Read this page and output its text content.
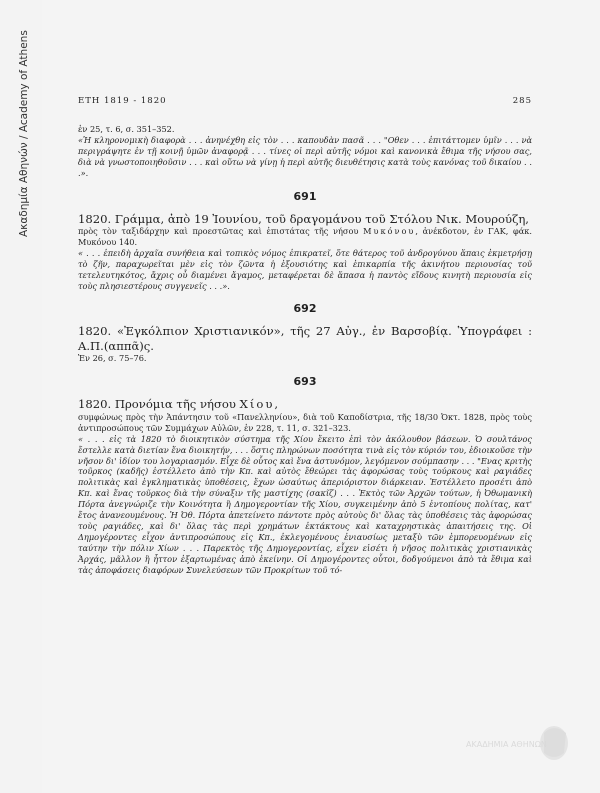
Ακαδημία Αθηνών / Academy of Athens	ΕΤΗ 1819 - 1820	285

ἐν 25, τ. 6, σ. 351–352.

«Ἡ κληρονομικὴ διαφορὰ . . . ἀνηνέχθη εἰς τὸν . . . καπουδὰν πασᾶ . . . "Οθεν . . . ἐπιτάττομεν ὑμῖν . . . νὰ περιγράψητε ἐν τῇ κοινῇ ὑμῶν ἀναφορᾷ . . . τίνες οἱ περὶ αὐτῆς νόμοι καὶ κανονικὰ ἔθιμα τῆς νήσου σας, διὰ νὰ γνωστοποιηθοῦσιν . . . καὶ οὕτω νὰ γίνῃ ἡ περὶ αὐτῆς διευθέτησις κατὰ τοὺς κανόνας τοῦ δικαίου . . .».

691

1820. Γράμμα, ἀπὸ 19 Ἰουνίου, τοῦ δραγομάνου τοῦ Στόλου Νικ. Μουρούζη,

πρὸς τὸν ταξιδάρχην καὶ προεστῶτας καὶ ἐπιστάτας τῆς νήσου Μυκόνου, ἀνέκδοτον, ἐν ΓΑΚ, φάκ. Μυκόνου 140.

« . . . ἐπειδὴ ἀρχαῖα συνήθεια καὶ τοπικὸς νόμος ἐπικρατεῖ, ὅτε θάτερος τοῦ ἀνδρογύνου ἅπαις ἐκμετρήσῃ τὸ ζῆν, παραχωρεῖται μὲν εἰς τὸν ζῶντα ἡ ἐξουσιότης καὶ ἐπικαρπία τῆς ἀκινήτου περιουσίας τοῦ τετελευτηκότος, ἄχρις οὗ διαμένει ἄγαμος, μεταφέρεται δὲ ἅπασα ἡ παντὸς εἴδους κινητὴ περιουσία εἰς τοὺς πλησιεστέρους συγγενεῖς . . .».

692

1820. «Ἐγκόλπιον Χριστιανικόν», τῆς 27 Αὐγ., ἐν Βαρσοβίᾳ. Ὑπογράφει : Α.Π.(αππᾶ)ς.

Ἐν 26, σ. 75–76.

693

1820. Προνόμια τῆς νήσου Χίου,

συμφώνως πρὸς τὴν Ἀπάντησιν τοῦ «Πανελληνίου», διὰ τοῦ Καποδίστρια, τῆς 18/30 Ὀκτ. 1828, πρὸς τοὺς ἀντιπροσώπους τῶν Συμμάχων Αὐλῶν, ἐν 228, τ. 11, σ. 321–323.

« . . . εἰς τὰ 1820 τὸ διοικητικὸν σύστημα τῆς Χίου ἔκειτο ἐπὶ τὸν ἀκόλουθον βάσεων. Ὁ σουλτάνος ἔστελλε κατὰ διετίαν ἕνα διοικητήν, . . . ὅστις πληρώνων ποσότητα τινὰ εἰς τὸν κύριόν του, ἐδιοικοῦσε τὴν νῆσον δι' ἰδίον του λογαριασμόν. Εἶχε δὲ οὗτος καὶ ἕνα ἀστυνόμον, λεγόμενον σούμπασην . . . "Ενας κριτὴς τοῦρκος (καδῆς) ἐστέλλετο ἀπὸ τὴν Κπ. καὶ αὐτὸς ἔθεώρει τὰς ἀφορώσας τοὺς τούρκους καὶ ραγιάδες πολιτικὰς καὶ ἐγκληματικὰς ὑποθέσεις, ἔχων ὡσαύτως ἀπεριόριστον διάρκειαν. Ἐστέλλετο προσέτι ἀπὸ Κπ. καὶ ἕνας τοῦρκος διὰ τὴν σύναξιν τῆς μαστίχης (σακῖζ) . . . Ἐκτὸς τῶν Ἀρχῶν τούτων, ἡ Ὀθωμανικὴ Πόρτα ἀνεγνώριζε τὴν Κοινότητα ἢ Δημογεροντίαν τῆς Χίου, συγκειμένην ἀπὸ 5 ἐντοπίους πολίτας, κατ' ἔτος ἀνανεουμένους. Ἡ Ὀθ. Πόρτα ἀπετείνετο πάντοτε πρὸς αὐτοὺς δι' ὅλας τὰς ὑποθέσεις τὰς ἀφορώσας τοὺς ραγιάδες, καὶ δι' ὅλας τὰς περὶ χρημάτων ἐκτάκτους καὶ καταχρηστικὰς ἀπαιτήσεις της. Οἱ Δημογέροντες εἶχον ἀντιπροσώπους εἰς Κπ., ἐκλεγομένους ἐνιαυσίως μεταξὺ τῶν ἐμπορευομένων εἰς ταύτην τὴν πόλιν Χίων . . . Παρεκτὸς τῆς Δημογεροντίας, εἶχεν εἰσέτι ἡ νῆσος πολιτικὰς χριστιανικὰς Ἀρχάς, μᾶλλον ἢ ἧττον ἐξαρτωμένας ἀπὸ ἐκείνην. Οἱ Δημογέροντες οὗτοι, δοδγούμενοι ἀπὸ τὰ ἔθιμα καὶ τὰς ἀποφάσεις διαφόρων Συνελεύσεων τῶν Προκρίτων τοῦ τό-

ΑΚΑΔΗΜΙΑ ΑΘΗΝΩΝ
